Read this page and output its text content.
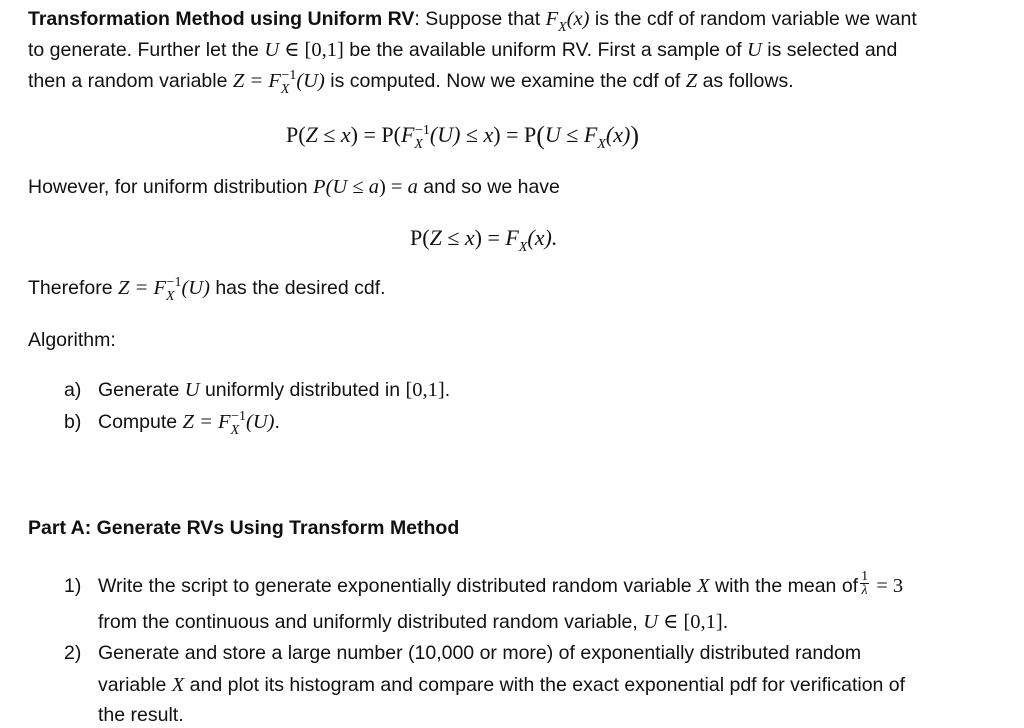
Transformation Method using Uniform RV: Suppose that $F_X(x)$ is the cdf of random variable we want
to generate. Further let the U ∈ [0,1] be the available uniform RV. First a sample of U is selected and
then a random variable $Z = F_X^{-1}(U)$ is computed. Now we examine the cdf of Z as follows.
$P(Z \le x) = P(F_X^{-1}(U) \le x) = P(U \le F_X(x))$
However, for uniform distribution P(U ≤ a) = a and so we have
$P(Z \le x) = F_X(x)$.
Therefore $Z = F_X^{-1}(U)$ has the desired cdf.
Algorithm:
a) Generate U uniformly distributed in [0,1].
b) Compute $Z = F_X^{-1}(U)$.
Part A: Generate RVs Using Transform Method
1) Write the script to generate exponentially distributed random variable X with the mean of $\frac{1}{\lambda} = 3$
from the continuous and uniformly distributed random variable, U ∈ [0,1].
2) Generate and store a large number (10,000 or more) of exponentially distributed random
variable X and plot its histogram and compare with the exact exponential pdf for verification of
the result.
